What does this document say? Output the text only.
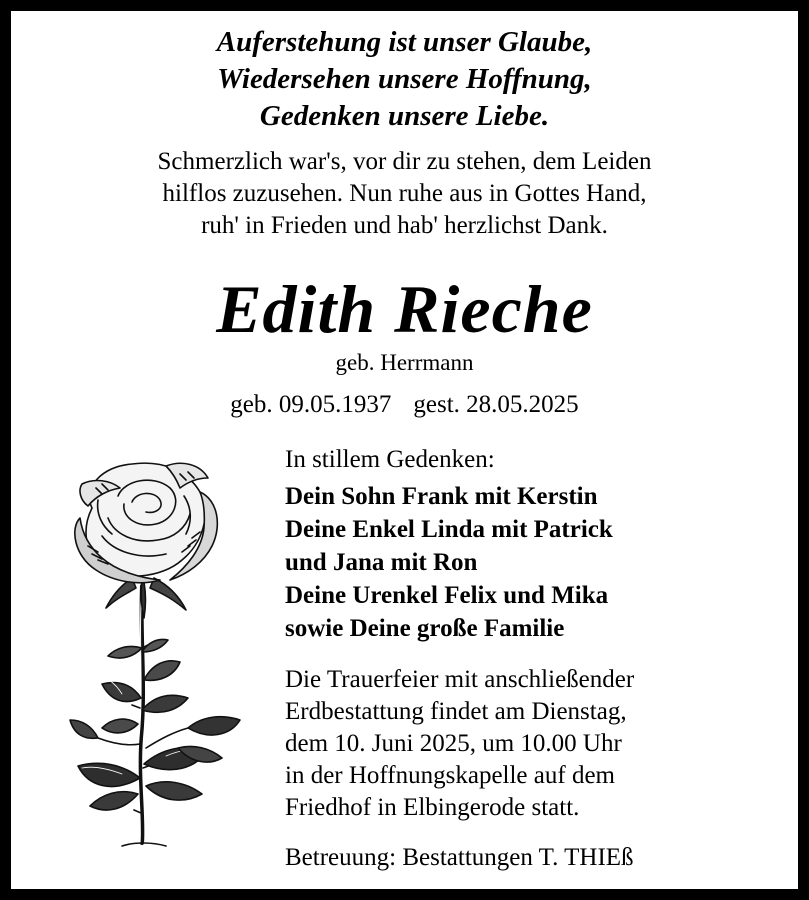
Auferstehung ist unser Glaube,
Wiedersehen unsere Hoffnung,
Gedenken unsere Liebe.
Schmerzlich war's, vor dir zu stehen, dem Leiden
hilflos zuzusehen. Nun ruhe aus in Gottes Hand,
ruh' in Frieden und hab' herzlichst Dank.
Edith Rieche
geb. Herrmann
geb. 09.05.1937 gest. 28.05.2025
In stillem Gedenken:
Dein Sohn Frank mit Kerstin
Deine Enkel Linda mit Patrick
und Jana mit Ron
Deine Urenkel Felix und Mika
sowie Deine große Familie
Die Trauerfeier mit anschließender
Erdbestattung findet am Dienstag,
dem 10. Juni 2025, um 10.00 Uhr
in der Hoffnungskapelle auf dem
Friedhof in Elbingerode statt.
Betreuung: Bestattungen T. THIEß
